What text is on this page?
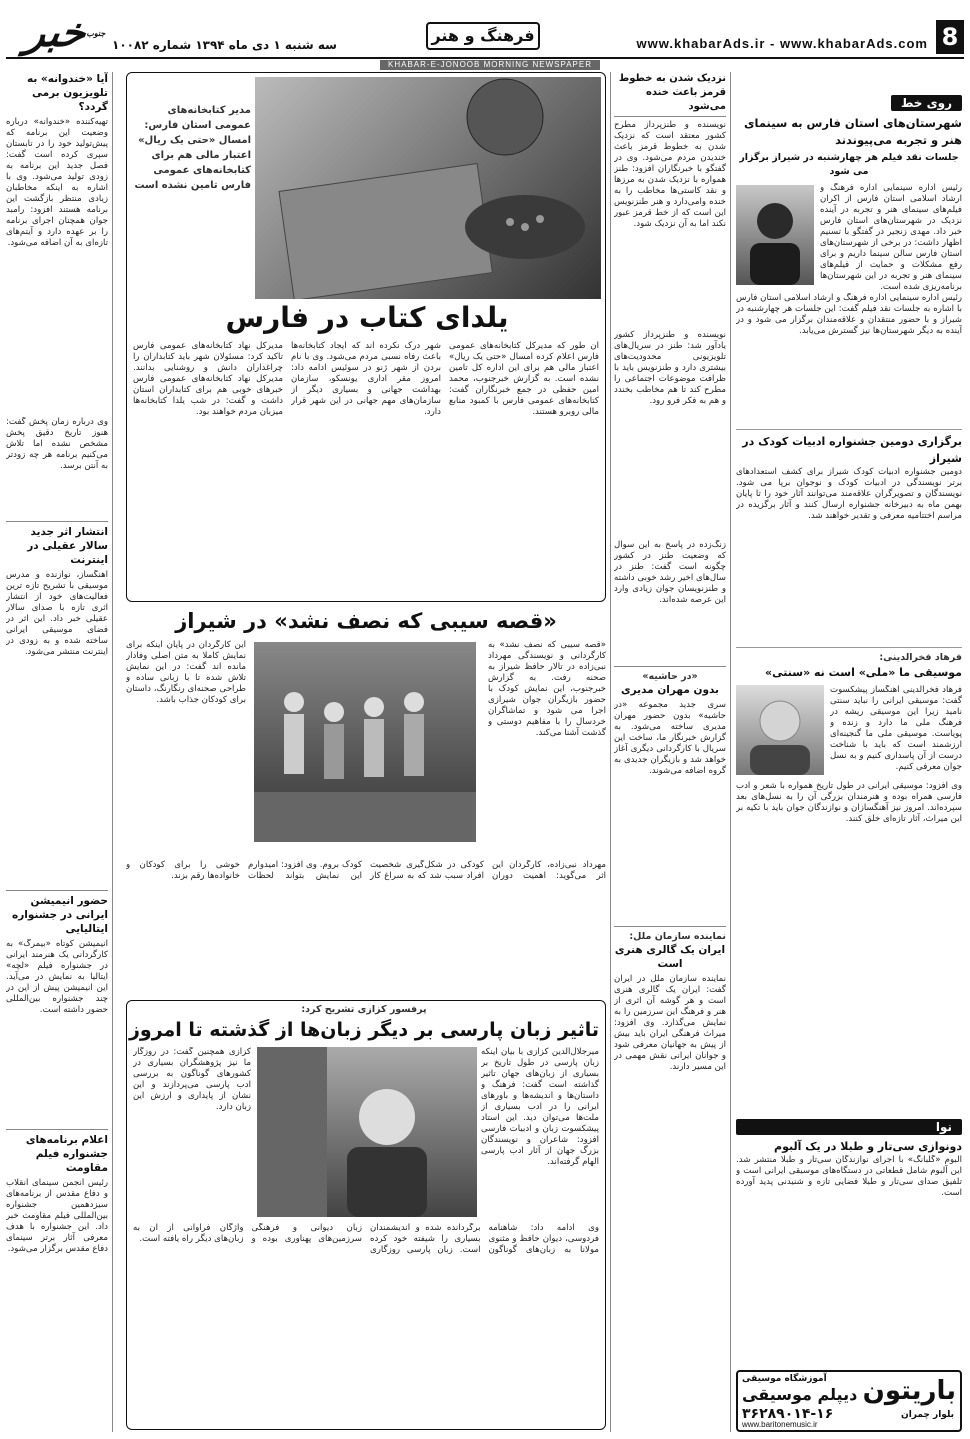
8
www.khabarAds.ir - www.khabarAds.com
فرهنگ و هنر
سه شنبه ۱ دی ماه ۱۳۹۴ شماره ۱۰۰۸۲
خبر
جنوب
KHABAR-E-JONOOB MORNING NEWSPAPER
روی خط
شهرستان‌های استان فارس به سینمای هنر و تجربه می‌پیوندند
جلسات نقد فیلم هر چهارشنبه در شیراز برگزار می شود
رئیس اداره سینمایی اداره فرهنگ و ارشاد اسلامی استان فارس از اکران فیلم‌های سینمای هنر و تجربه در آینده نزدیک در شهرستان‌های استان فارس خبر داد. مهدی زنجیر در گفتگو با تسنیم اظهار داشت: در برخی از شهرستان‌های استان فارس سالن سینما داریم و برای رفع مشکلات و حمایت از فیلم‌های سینمای هنر و تجربه در این شهرستان‌ها برنامه‌ریزی شده است.
رئیس اداره سینمایی اداره فرهنگ و ارشاد اسلامی استان فارس با اشاره به جلسات نقد فیلم گفت: این جلسات هر چهارشنبه در شیراز و با حضور منتقدان و علاقه‌مندان برگزار می شود و در آینده به دیگر شهرستان‌ها نیز گسترش می‌یابد.
برگزاری دومین جشنواره ادبیات کودک در شیراز
دومین جشنواره ادبیات کودک شیراز برای کشف استعدادهای برتر نویسندگی در ادبیات کودک و نوجوان برپا می شود. نویسندگان و تصویرگران علاقه‌مند می‌توانند آثار خود را تا پایان بهمن ماه به دبیرخانه جشنواره ارسال کنند و آثار برگزیده در مراسم اختتامیه معرفی و تقدیر خواهند شد.
فرهاد فخرالدینی:
موسیقی ما «ملی» است نه «سنتی»
فرهاد فخرالدینی آهنگساز پیشکسوت گفت: موسیقی ایرانی را نباید سنتی نامید زیرا این موسیقی ریشه در فرهنگ ملی ما دارد و زنده و پویاست. موسیقی ملی ما گنجینه‌ای ارزشمند است که باید با شناخت درست از آن پاسداری کنیم و به نسل جوان معرفی کنیم.
وی افزود: موسیقی ایرانی در طول تاریخ همواره با شعر و ادب فارسی همراه بوده و هنرمندان بزرگی آن را به نسل‌های بعد سپرده‌اند. امروز نیز آهنگسازان و نوازندگان جوان باید با تکیه بر این میراث، آثار تازه‌ای خلق کنند.
نوا
دونوازی سی‌تار و طبلا در یک آلبوم
آلبوم «گلبانگ» با اجرای نوازندگان سی‌تار و طبلا منتشر شد. این آلبوم شامل قطعاتی در دستگاه‌های موسیقی ایرانی است و تلفیق صدای سی‌تار و طبلا فضایی تازه و شنیدنی پدید آورده است.
نزدیک شدن به خطوط قرمز باعث خنده می‌شود
نویسنده و طنزپرداز مطرح کشور معتقد است که نزدیک شدن به خطوط قرمز باعث خندیدن مردم می‌شود. وی در گفتگو با خبرنگاران افزود: طنز همواره با نزدیک شدن به مرزها و نقد کاستی‌ها مخاطب را به خنده وامی‌دارد و هنر طنزنویس این است که از خط قرمز عبور نکند اما به آن نزدیک شود.
نویسنده و طنزپرداز کشور یادآور شد: طنز در سریال‌های تلویزیونی محدودیت‌های بیشتری دارد و طنزنویس باید با ظرافت موضوعات اجتماعی را مطرح کند تا هم مخاطب بخندد و هم به فکر فرو رود.
زنگ‌زده در پاسخ به این سوال که وضعیت طنز در کشور چگونه است گفت: طنز در سال‌های اخیر رشد خوبی داشته و طنزنویسان جوان زیادی وارد این عرصه شده‌اند.
«در حاشیه»
بدون مهران مدیری
سری جدید مجموعه «در حاشیه» بدون حضور مهران مدیری ساخته می‌شود. به گزارش خبرنگار ما، ساخت این سریال با کارگردانی دیگری آغاز خواهد شد و بازیگران جدیدی به گروه اضافه می‌شوند.
نماینده سازمان ملل:
ایران یک گالری هنری است
نماینده سازمان ملل در ایران گفت: ایران یک گالری هنری است و هر گوشه آن اثری از هنر و فرهنگ این سرزمین را به نمایش می‌گذارد. وی افزود: میراث فرهنگی ایران باید بیش از پیش به جهانیان معرفی شود و جوانان ایرانی نقش مهمی در این مسیر دارند.
مدیر کتابخانه‌های عمومی استان فارس: امسال «حتی یک ریال» اعتبار مالی هم برای کتابخانه‌های عمومی فارس تامین نشده است
یلدای کتاب در فارس
آن طور که مدیرکل کتابخانه‌های عمومی فارس اعلام کرده امسال «حتی یک ریال» اعتبار مالی هم برای این اداره کل تامین نشده است. به گزارش خبرجنوب، محمد امین حفظی در جمع خبرنگاران گفت: کتابخانه‌های عمومی فارس با کمبود منابع مالی روبرو هستند.
شهر درک نکرده اند که ایجاد کتابخانه‌ها باعث رفاه نسبی مردم می‌شود. وی با نام بردن از شهر ژنو در سوئیس ادامه داد: امروز مقر اداری یونسکو، سازمان بهداشت جهانی و بسیاری دیگر از سازمان‌های مهم جهانی در این شهر قرار دارد.
مدیرکل نهاد کتابخانه‌های عمومی فارس تاکید کرد: مسئولان شهر باید کتابداران را چراغداران دانش و روشنایی بدانند. مدیرکل نهاد کتابخانه‌های عمومی فارس خبرهای خوبی هم برای کتابداران استان داشت و گفت: در شب یلدا کتابخانه‌ها میزبان مردم خواهند بود.
«قصه سیبی که نصف نشد» در شیراز
«قصه سیبی که نصف نشد» به کارگردانی و نویسندگی مهرداد نبی‌زاده در تالار حافظ شیراز به صحنه رفت. به گزارش خبرجنوب، این نمایش کودک با حضور بازیگران جوان شیرازی اجرا می شود و تماشاگران خردسال را با مفاهیم دوستی و گذشت آشنا می‌کند.
این کارگردان در پایان اینکه برای نمایش کاملا به متن اصلی وفادار مانده اند گفت: در این نمایش تلاش شده تا با زبانی ساده و طراحی صحنه‌ای رنگارنگ، داستان برای کودکان جذاب باشد.
مهرداد نبی‌زاده، کارگردان این اثر می‌گوید: اهمیت دوران کودکی در شکل‌گیری شخصیت افراد سبب شد که به سراغ کار کودک بروم. وی افزود: امیدوارم این نمایش بتواند لحظات خوشی را برای کودکان و خانواده‌ها رقم بزند.
پرفسور کزازی تشریح کرد:
تاثیر زبان پارسی بر دیگر زبان‌ها از گذشته تا امروز
میرجلال‌الدین کزازی با بیان اینکه زبان پارسی در طول تاریخ بر بسیاری از زبان‌های جهان تاثیر گذاشته است گفت: فرهنگ و داستان‌ها و اندیشه‌ها و باورهای ایرانی را در ادب بسیاری از ملت‌ها می‌توان دید. این استاد پیشکسوت زبان و ادبیات فارسی افزود: شاعران و نویسندگان بزرگ جهان از آثار ادب پارسی الهام گرفته‌اند.
کزازی همچنین گفت: در روزگار ما نیز پژوهشگران بسیاری در کشورهای گوناگون به بررسی ادب پارسی می‌پردازند و این نشان از پایداری و ارزش این زبان دارد.
وی ادامه داد: شاهنامه فردوسی، دیوان حافظ و مثنوی مولانا به زبان‌های گوناگون برگردانده شده و اندیشمندان بسیاری را شیفته خود کرده است. زبان پارسی روزگاری زبان دیوانی و فرهنگی سرزمین‌های پهناوری بوده و واژگان فراوانی از آن به زبان‌های دیگر راه یافته است.
آیا «خندوانه» به تلویزیون برمی گردد؟
تهیه‌کننده «خندوانه» درباره وضعیت این برنامه که پیش‌تولید خود را در تابستان سپری کرده است گفت: فصل جدید این برنامه به زودی تولید می‌شود. وی با اشاره به اینکه مخاطبان زیادی منتظر بازگشت این برنامه هستند افزود: رامبد جوان همچنان اجرای برنامه را بر عهده دارد و آیتم‌های تازه‌ای به آن اضافه می‌شود.
وی درباره زمان پخش گفت: هنوز تاریخ دقیق پخش مشخص نشده اما تلاش می‌کنیم برنامه هر چه زودتر به آنتن برسد.
انتشار اثر جدید سالار عقیلی در اینترنت
آهنگساز، نوازنده و مدرس موسیقی با تشریح تازه ترین فعالیت‌های خود از انتشار اثری تازه با صدای سالار عقیلی خبر داد. این اثر در فضای موسیقی ایرانی ساخته شده و به زودی در اینترنت منتشر می‌شود.
حضور انیمیشن ایرانی در جشنواره ایتالیایی
انیمیشن کوتاه «بیمرگ» به کارگردانی یک هنرمند ایرانی در جشنواره فیلم «لچه» ایتالیا به نمایش در می‌آید. این انیمیشن پیش از این در چند جشنواره بین‌المللی حضور داشته است.
اعلام برنامه‌های جشنواره فیلم مقاومت
رئیس انجمن سینمای انقلاب و دفاع مقدس از برنامه‌های سیزدهمین جشنواره بین‌المللی فیلم مقاومت خبر داد. این جشنواره با هدف معرفی آثار برتر سینمای دفاع مقدس برگزار می‌شود.
باریتون
آموزشگاه موسیقی
دیپلم موسیقی
۳۶۲۸۹۰۱۴-۱۶	بلوار چمران
www.baritonemusic.ir
